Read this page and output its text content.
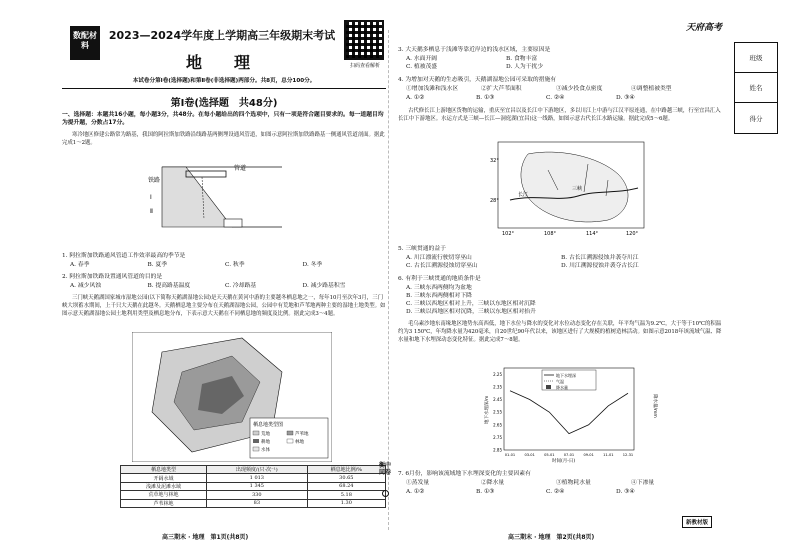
数配材料
2023—2024学年度上学期高三年级期末考试
地　理	扫码查看解析
本试卷分第Ⅰ卷(选择题)和第Ⅱ卷(非选择题)两部分。共8页，总分100分。
第Ⅰ卷(选择题　共48分)
一、选择题：本题共16小题，每小题3分，共48分。在每小题给出的四个选项中，只有一项是符合题目要求的。每一道题目均为提升题，分数占17分。
寒冷地区修建公路常为路基，我国的阿拉斯加铁路沿线路基两侧埋设通风管道，如图示意阿拉斯加铁路路基一侧通风管道剖面。据此完成1～2题。
铁路
管道
Ⅰ
Ⅱ
1. 阿拉斯加铁路通风管道工作效率最高的季节是
A. 春季	B. 夏季	C. 秋季	D. 冬季
2. 阿拉斯加铁路设置通风管道的目的是
A. 减少风蚀	B. 提高路基温度	C. 冷却路基	D. 减少路基积雪
三门峡天鹅湖国家城市湿地公园(以下简称天鹅湖湿地公园)是天天鹅在黄河中游的主要越冬栖息地之一，每年10月至次年3月，三门峡大坝蓄水期间，上千只大天鹅在此越冬。天鹅栖息地主要分布在天鹅湖湿地公园，公园中有荒地和芦苇地两种主要的湿地土地类型。如图示意天鹅湖湿地公园土地利用类型及栖息地分布，下表示意大天鹅在不同栖息地的频度及比例。据此完成3～4题。
栖息地类型图
荒地	芦苇地
耕地	林地
水体
栖息地类型	出现频度/(只·次⁻¹)	栖息地比例/%
开阔水域	1 013	30.65
浅滩及泥滩水域	1 345	68.24
荒草地与林地	330	5.18
芦苇林地	83	1.30
高三期末 · 地理　第1页(共8页)
衡中同卷
3. 大天鹅多栖息于浅滩等靠近岸边的浅水区域，主要原因是
A. 水面开阔	B. 食物丰富
C. 植被茂盛	D. 人为干扰少
4. 为增加对天鹅的生态吸引，天鹅湖湿地公园可采取的措施有
①增加浅滩和浅水区	②扩大芦苇面积	③减少投食点密度	④调整植被类型
A. ①②	B. ①③	C. ②④	D. ③④
古代修长江上游地区货物的运输，重庆至宜昌以及长江中下游地区，多以川江上中游与江汉平原连通，在中路越三峡，行至宜昌汇入长江中下游地区。水运方式是三峡—长江—洞庭湖(宜昌)这一线路，如图示意古代长江水路运输。据此完成5～6题。
32°
28°
102°	108°	114°	120°
长江
三峡
5. 三峡贯通的益于
A. 川江漂流行驶切穿巫山	B. 古长江溯源侵蚀并袭夺川江
C. 古长江溯源侵蚀切穿巫山	D. 川江溯源侵蚀并袭夺古长江
6. 有利于三峡贯通的地质条件是
A. 三峡东西两侧均为盆地
B. 三峡东西两侧相对下降
C. 三峡以西地区相对上升，三峡以东地区相对沉降
D. 三峡以西地区相对沉降，三峡以东地区相对抬升
毛乌素沙地东南缘地区地势东高西低，地下水位与降水的变化对水位动态变化存在关联，年平均气温为9.2℃，大于等于10℃的积温约为3 150℃，年均降水量为420毫米，自20世纪90年代以来，该地区进行了大规模的植树造林活动。如图示意2018年该流域气温、降水量和地下水埋深动态变化特征。据此完成7～8题。
2.85
2.75
2.65
2.55
2.45
2.35
2.25
01-01	03-01	05-01	07-01	09-01	11-01	12-31
地下水埋深/m	降水量/mm
时间(月-日)
地下水埋深
气温
降水量
7. 6月份，影响该流域地下水埋深变化的主要因素有
①蒸发量	②降水量	③植物耗水量	④下渗量
A. ①②	B. ①③	C. ②④	D. ③④
高三期末 · 地理　第2页(共8页)
天府高考
班级
姓名
得分
新教材版
